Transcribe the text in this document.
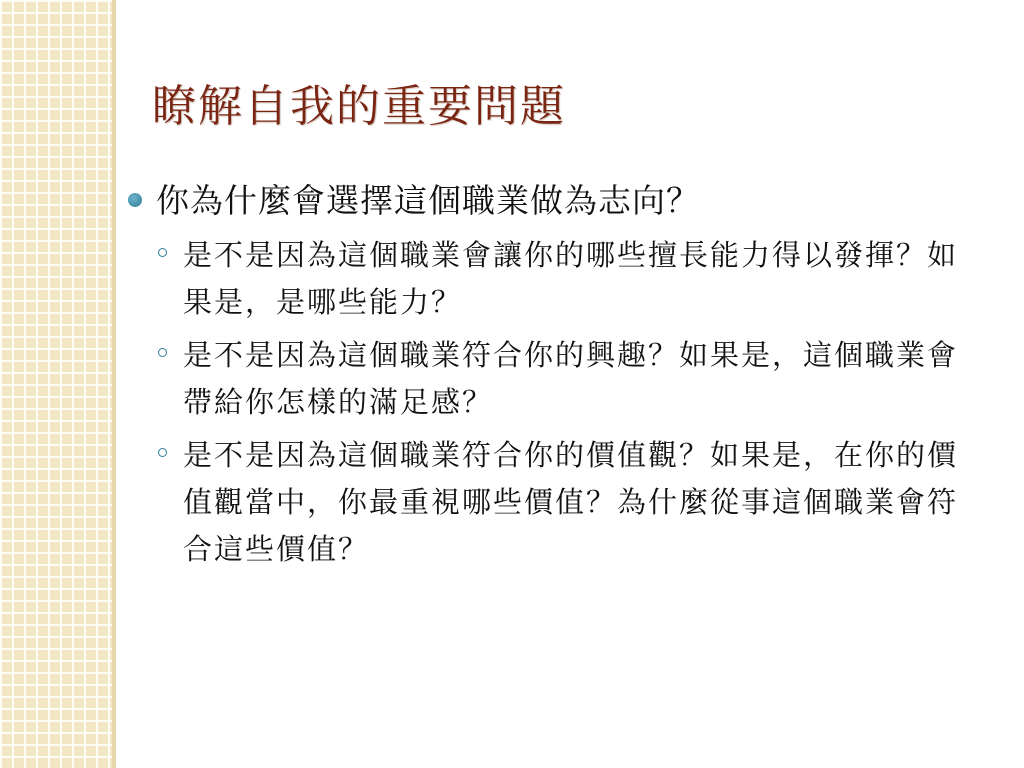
瞭解自我的重要問題
你為什麼會選擇這個職業做為志向？
是不是因為這個職業會讓你的哪些擅長能力得以發揮？如果是，是哪些能力？
是不是因為這個職業符合你的興趣？如果是，這個職業會帶給你怎樣的滿足感？
是不是因為這個職業符合你的價值觀？如果是，在你的價值觀當中，你最重視哪些價值？為什麼從事這個職業會符合這些價值？
